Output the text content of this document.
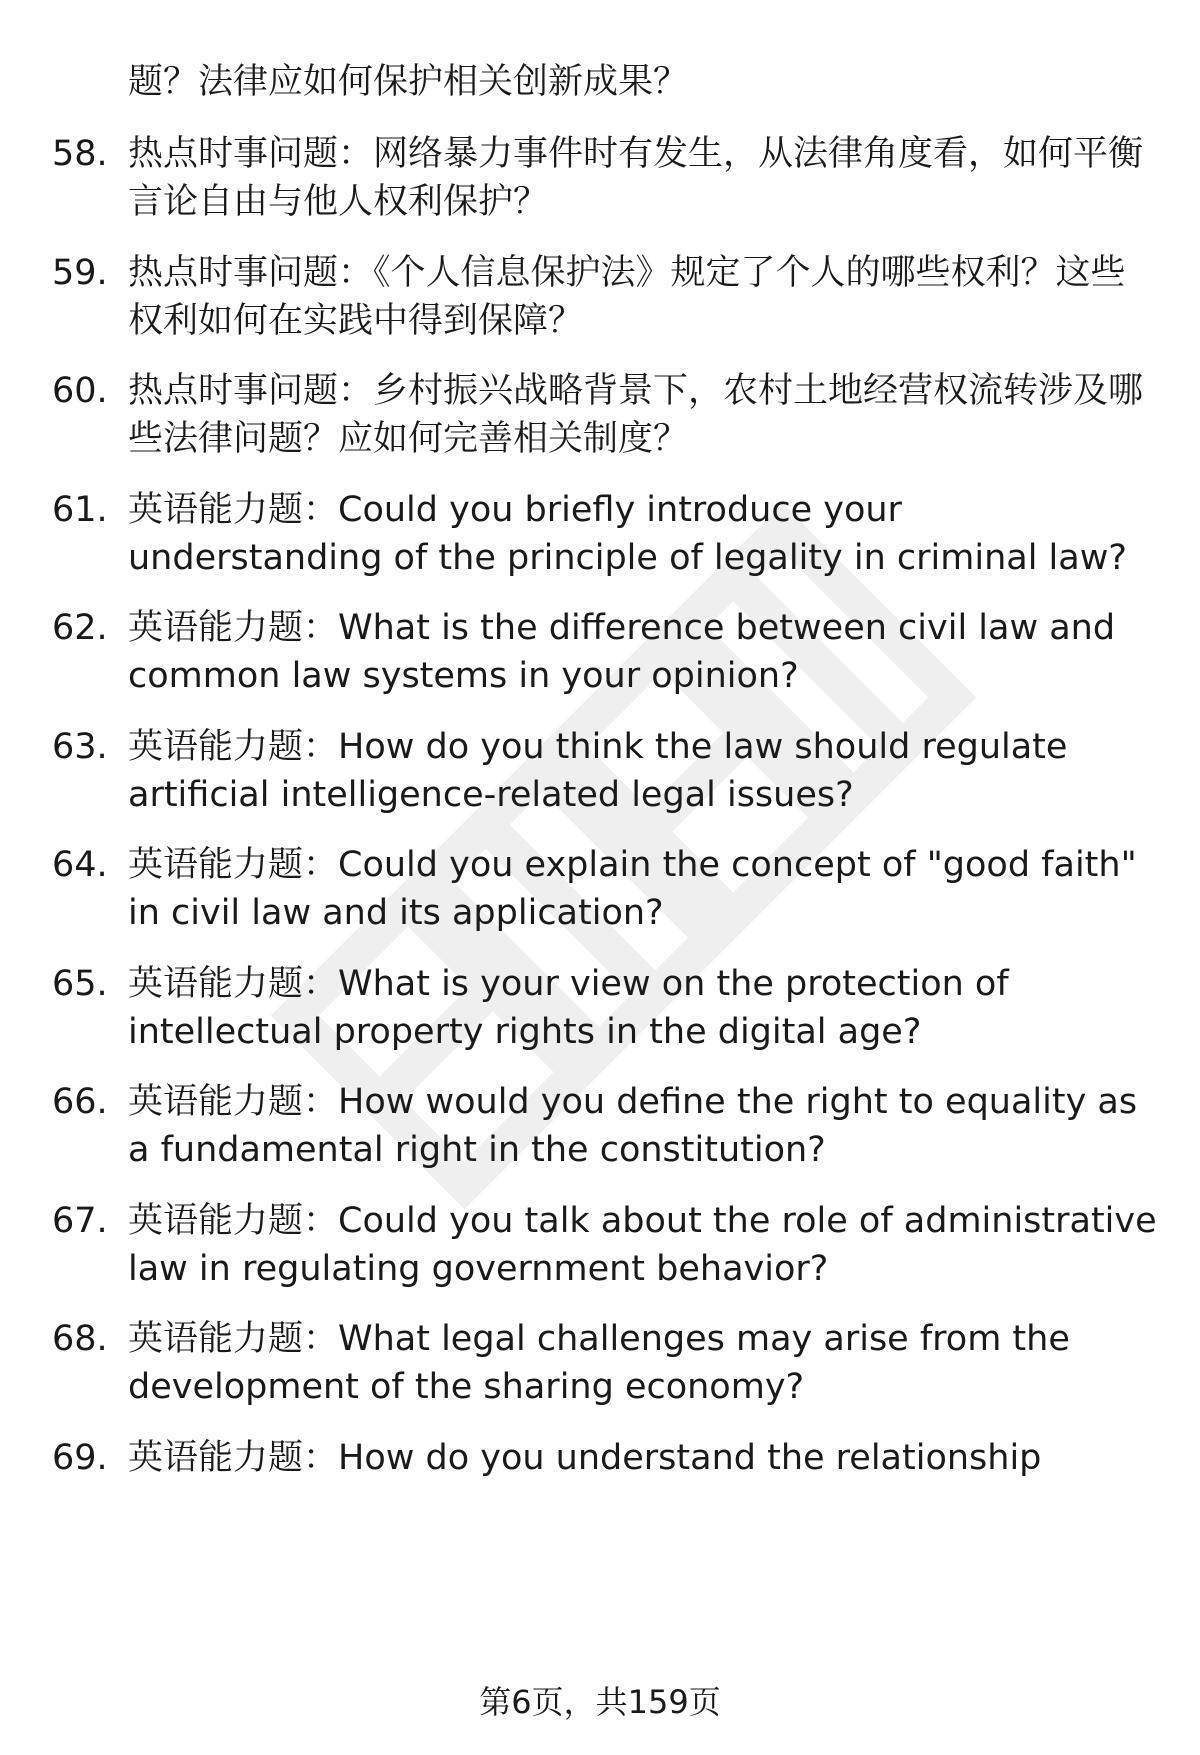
题？法律应如何保护相关创新成果？
58. 热点时事问题：网络暴力事件时有发生，从法律角度看，如何平衡言论自由与他人权利保护？
59. 热点时事问题：《个人信息保护法》规定了个人的哪些权利？这些权利如何在实践中得到保障？
60. 热点时事问题：乡村振兴战略背景下，农村土地经营权流转涉及哪些法律问题？应如何完善相关制度？
61. 英语能力题：Could you briefly introduce your understanding of the principle of legality in criminal law?
62. 英语能力题：What is the difference between civil law and common law systems in your opinion?
63. 英语能力题：How do you think the law should regulate artificial intelligence-related legal issues?
64. 英语能力题：Could you explain the concept of "good faith" in civil law and its application?
65. 英语能力题：What is your view on the protection of intellectual property rights in the digital age?
66. 英语能力题：How would you define the right to equality as a fundamental right in the constitution?
67. 英语能力题：Could you talk about the role of administrative law in regulating government behavior?
68. 英语能力题：What legal challenges may arise from the development of the sharing economy?
69. 英语能力题：How do you understand the relationship
第6页，共159页
